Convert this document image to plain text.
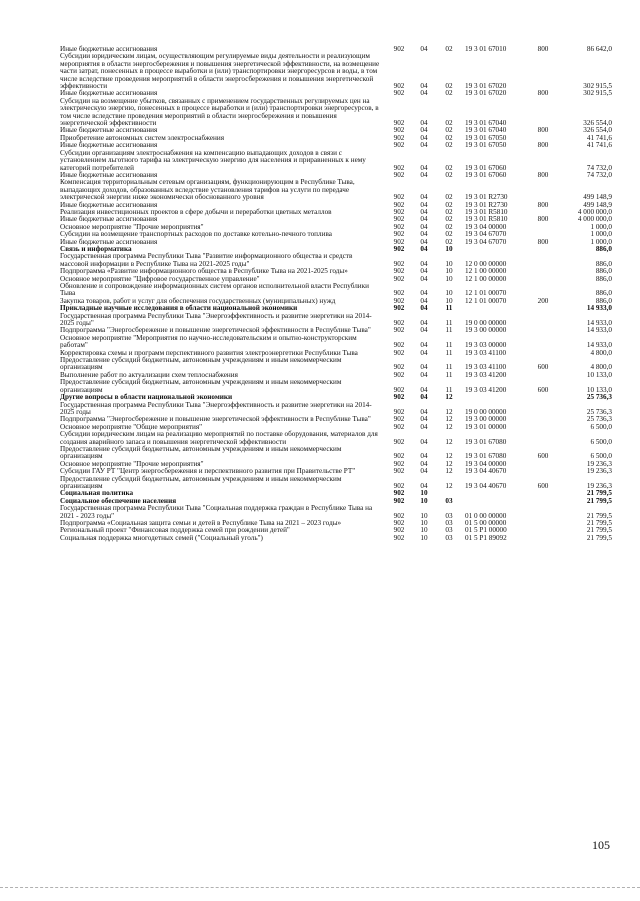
Иные бюджетные ассигнования	902	04	02	19 3 01 67010	800	86 642,0
Субсидии юридическим лицам, осуществляющим регулируемые виды деятельности и реализующим мероприятия в области энергосбережения и повышения энергетической эффективности, на возмещение части затрат, понесенных в процессе выработки и (или) транспортировки энергоресурсов и воды, в том числе вследствие проведения мероприятий в области энергосбережения и повышения энергетической эффективности	902	04	02	19 3 01 67020		302 915,5
Иные бюджетные ассигнования	902	04	02	19 3 01 67020	800	302 915,5
Субсидии на возмещение убытков, связанных с применением государственных регулируемых цен на электрическую энергию, понесенных в процессе выработки и (или) транспортировки энергоресурсов, в том числе вследствие проведения мероприятий в области энергосбережения и повышения энергетической эффективности	902	04	02	19 3 01 67040		326 554,0
Иные бюджетные ассигнования	902	04	02	19 3 01 67040	800	326 554,0
Приобретение автономных систем электроснабжения	902	04	02	19 3 01 67050		41 741,6
Иные бюджетные ассигнования	902	04	02	19 3 01 67050	800	41 741,6
Субсидии организациям электроснабжения на компенсацию выпадающих доходов в связи с установлением льготного тарифа на электрическую энергию для населения и приравненных к нему категорий потребителей	902	04	02	19 3 01 67060		74 732,0
Иные бюджетные ассигнования	902	04	02	19 3 01 67060	800	74 732,0
Компенсация территориальным сетевым организациям, функционирующим в Республике Тыва, выпадающих доходов, образованных вследствие установления тарифов на услуги по передаче электрической энергии ниже экономически обоснованного уровня	902	04	02	19 3 01 R2730		499 148,9
Иные бюджетные ассигнования	902	04	02	19 3 01 R2730	800	499 148,9
Реализация инвестиционных проектов в сфере добычи и переработки цветных металлов	902	04	02	19 3 01 R5810		4 000 000,0
Иные бюджетные ассигнования	902	04	02	19 3 01 R5810	800	4 000 000,0
Основное мероприятие "Прочие мероприятия"	902	04	02	19 3 04 00000		1 000,0
Субсидии на возмещение транспортных расходов по доставке котельно-печного топлива	902	04	02	19 3 04 67070		1 000,0
Иные бюджетные ассигнования	902	04	02	19 3 04 67070	800	1 000,0
Связь и информатика	902	04	10			886,0
Государственная программа Республики Тыва "Развитие информационного общества и средств массовой информации в Республике Тыва на 2021-2025 годы"	902	04	10	12 0 00 00000		886,0
Подпрограмма «Развитие информационного общества в Республике Тыва на 2021-2025 годы»	902	04	10	12 1 00 00000		886,0
Основное мероприятие "Цифровое государственное управление"	902	04	10	12 1 00 00000		886,0
Обновление и сопровождение информационных систем органов исполнительной власти Республики Тыва	902	04	10	12 1 01 00070		886,0
Закупка товаров, работ и услуг для обеспечения государственных (муниципальных) нужд	902	04	10	12 1 01 00070	200	886,0
Прикладные научные исследования в области национальной экономики	902	04	11			14 933,0
Государственная программа Республики Тыва "Энергоэффективность и развитие энергетики на 2014-2025 годы"	902	04	11	19 0 00 00000		14 933,0
Подпрограмма "Энергосбережение и повышение энергетической эффективности в Республике Тыва"	902	04	11	19 3 00 00000		14 933,0
Основное мероприятие "Мероприятия по научно-исследовательским и опытно-конструкторским работам"	902	04	11	19 3 03 00000		14 933,0
Корректировка схемы и программ перспективного развития электроэнергетики Республики Тыва	902	04	11	19 3 03 41100		4 800,0
Предоставление субсидий бюджетным, автономным учреждениям и иным некоммерческим организациям	902	04	11	19 3 03 41100	600	4 800,0
Выполнение работ по актуализации схем теплоснабжения	902	04	11	19 3 03 41200		10 133,0
Предоставление субсидий бюджетным, автономным учреждениям и иным некоммерческим организациям	902	04	11	19 3 03 41200	600	10 133,0
Другие вопросы в области национальной экономики	902	04	12			25 736,3
Государственная программа Республики Тыва "Энергоэффективность и развитие энергетики на 2014-2025 годы	902	04	12	19 0 00 00000		25 736,3
Подпрограмма "Энергосбережение и повышение энергетической эффективности в Республике Тыва"	902	04	12	19 3 00 00000		25 736,3
Основное мероприятие "Общие мероприятия"	902	04	12	19 3 01 00000		6 500,0
Субсидии юридическим лицам на реализацию мероприятий по поставке оборудования, материалов для создания аварийного запаса и повышения энергетической эффективности	902	04	12	19 3 01 67080		6 500,0
Предоставление субсидий бюджетным, автономным учреждениям и иным некоммерческим организациям	902	04	12	19 3 01 67080	600	6 500,0
Основное мероприятие "Прочие мероприятия"	902	04	12	19 3 04 00000		19 236,3
Субсидии ГАУ РТ "Центр энергосбережения и перспективного развития при Правительстве РТ"	902	04	12	19 3 04 40670		19 236,3
Предоставление субсидий бюджетным, автономным учреждениям и иным некоммерческим организациям	902	04	12	19 3 04 40670	600	19 236,3
Социальная политика	902	10				21 799,5
Социальное обеспечение населения	902	10	03			21 799,5
Государственная программа Республики Тыва "Социальная поддержка граждан в Республике Тыва на 2021 - 2023 годы"	902	10	03	01 0 00 00000		21 799,5
Подпрограмма «Социальная защита семьи и детей в Республике Тыва на 2021 – 2023 годы»	902	10	03	01 5 00 00000		21 799,5
Региональный проект "Финансовая поддержка семей при рождении детей"	902	10	03	01 5 P1 00000		21 799,5
Социальная поддержка многодетных семей ("Социальный уголь")	902	10	03	01 5 P1 89092		21 799,5
105
